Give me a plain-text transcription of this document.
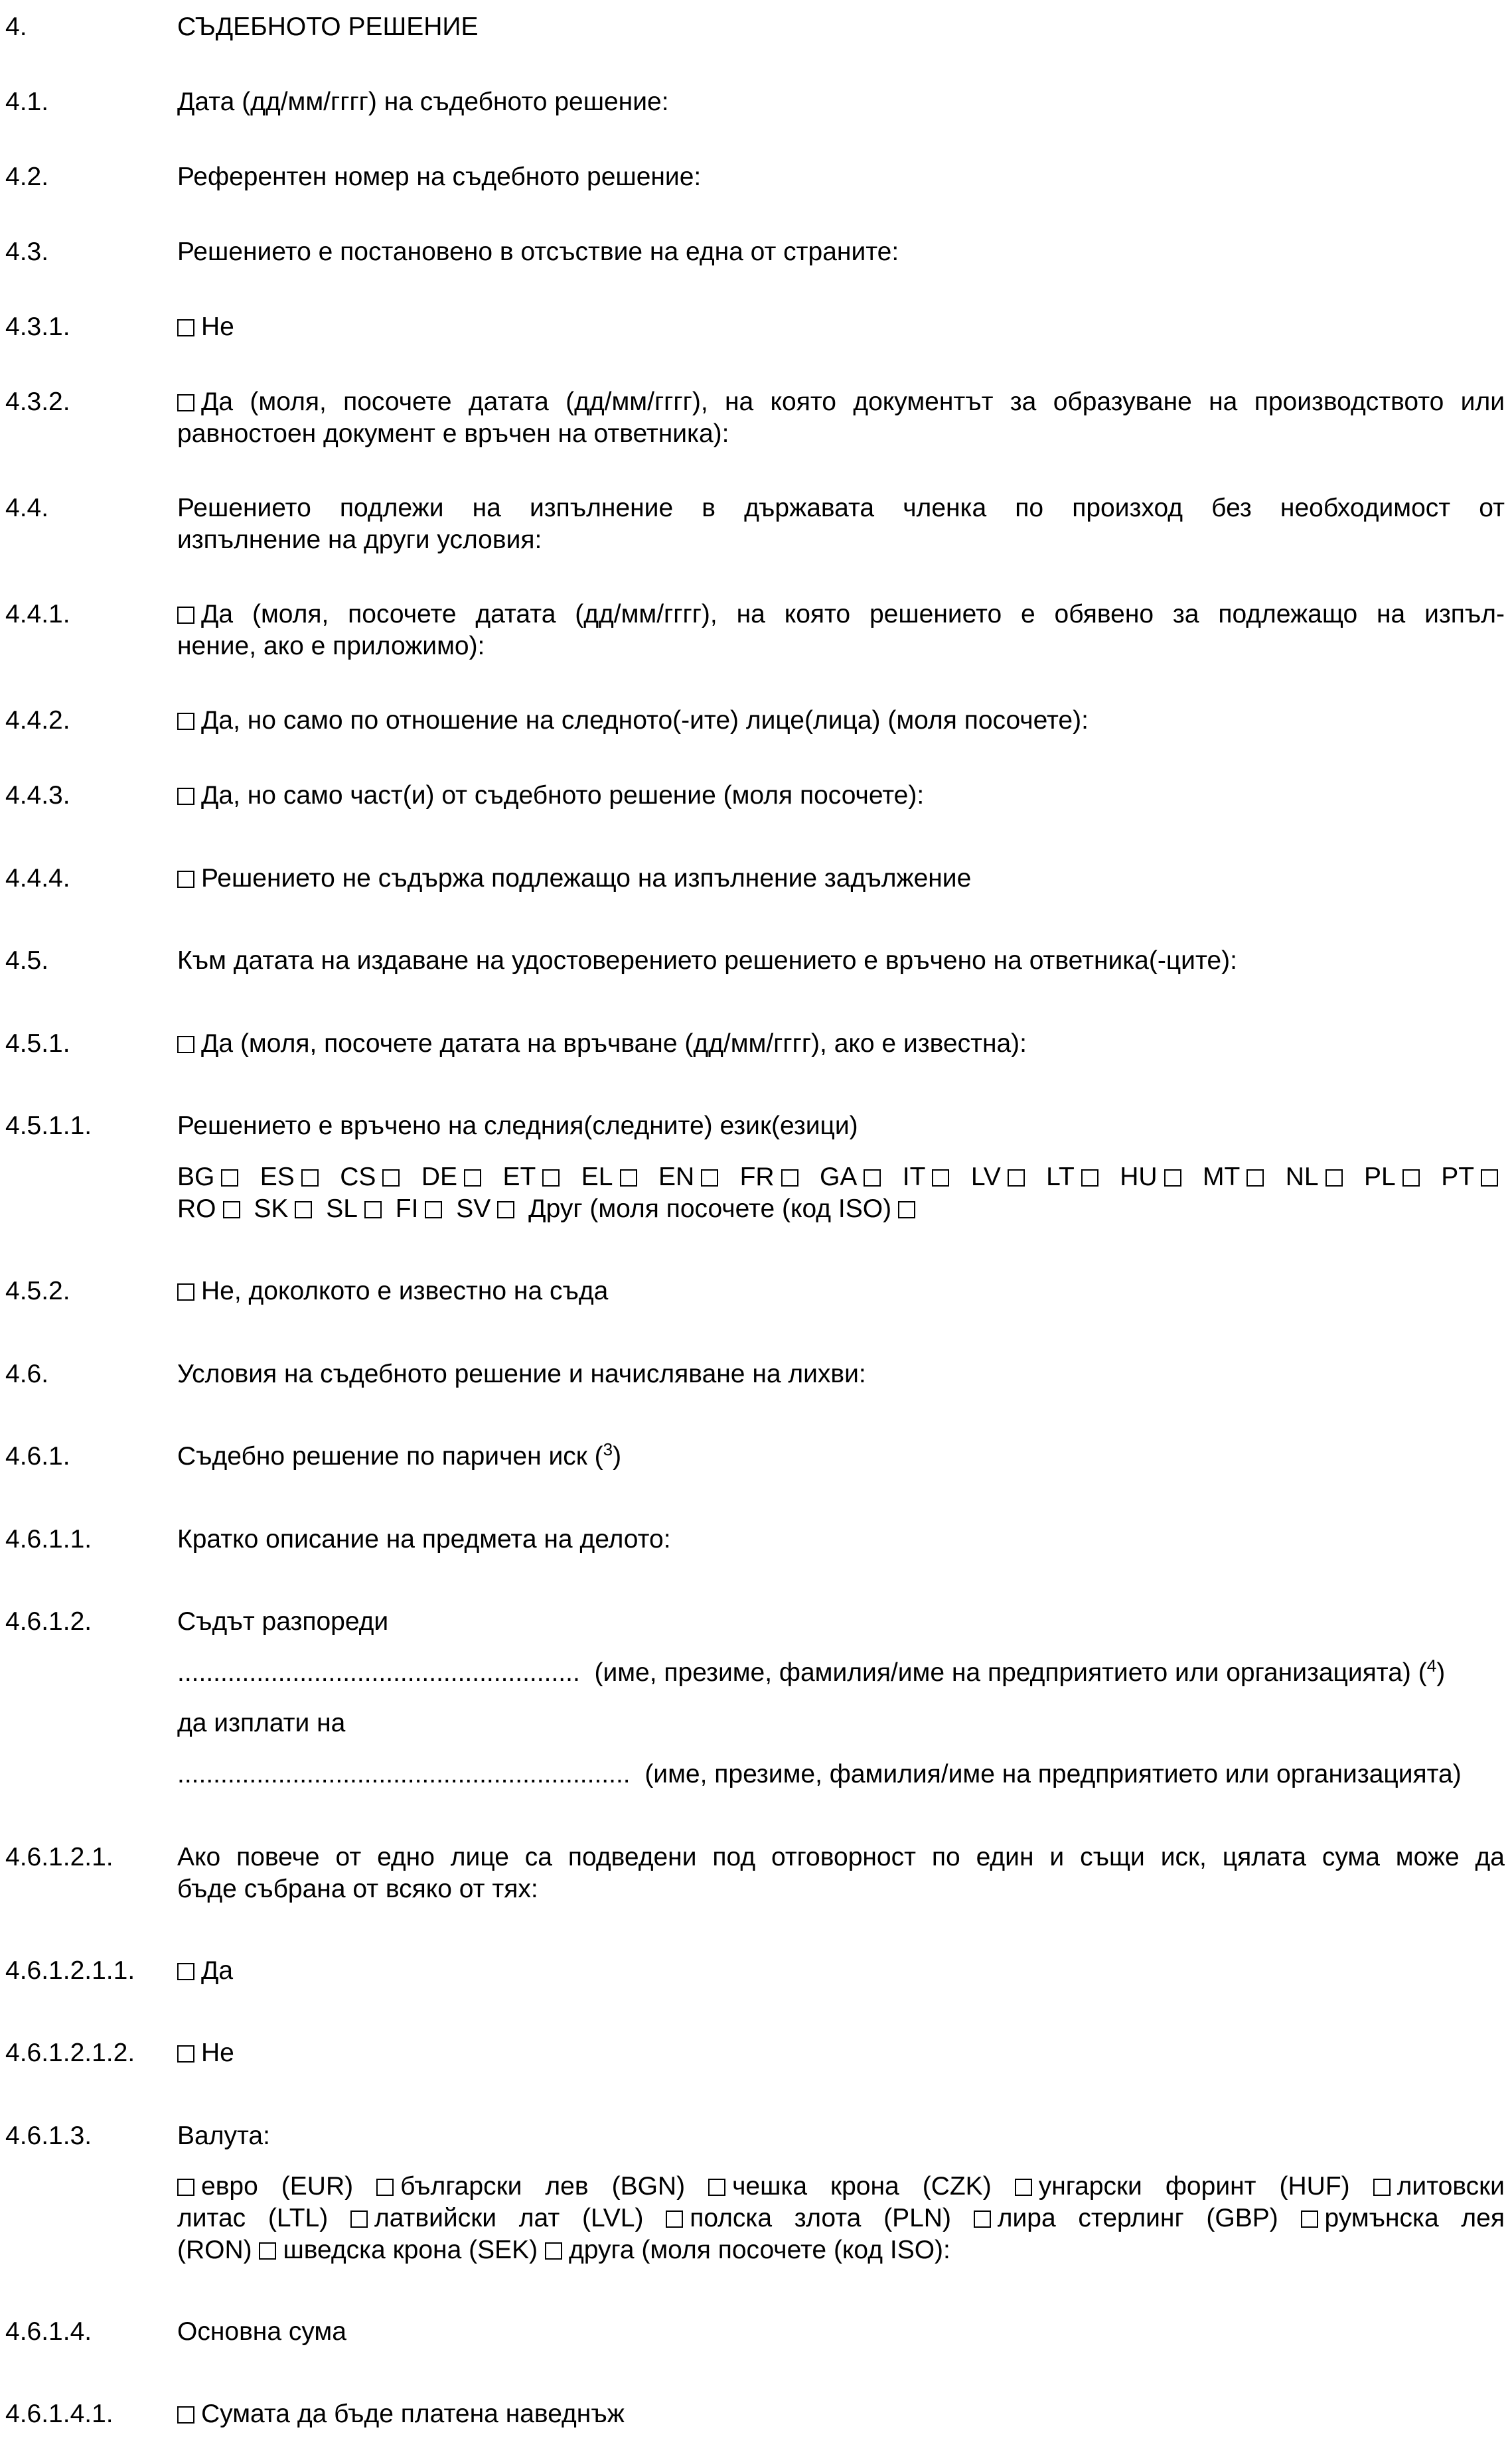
4.	СЪДЕБНОТО РЕШЕНИЕ
4.1.	Дата (дд/мм/гггг) на съдебното решение:
4.2.	Референтен номер на съдебното решение:
4.3.	Решението е постановено в отсъствие на една от страните:
4.3.1.	Не
4.3.2.	Да (моля, посочете датата (дд/мм/гггг), на която документът за образуване на производството или
равностоен документ е връчен на ответника):
4.4.	Решението подлежи на изпълнение в държавата членка по произход без необходимост от
изпълнение на други условия:
4.4.1.	Да (моля, посочете датата (дд/мм/гггг), на която решението е обявено за подлежащо на изпъл-
нение, ако е приложимо):
4.4.2.	Да, но само по отношение на следното(-ите) лице(лица) (моля посочете):
4.4.3.	Да, но само част(и) от съдебното решение (моля посочете):
4.4.4.	Решението не съдържа подлежащо на изпълнение задължение
4.5.	Към датата на издаване на удостоверението решението е връчено на ответника(-ците):
4.5.1.	Да (моля, посочете датата на връчване (дд/мм/гггг), ако е известна):
4.5.1.1.	Решението е връчено на следния(следните) език(езици)
BG ES CS DE ET EL EN FR GA IT LV LT HU MT NL PL PT
RO SK SL FI SV Друг (моля посочете (код ISO)
4.5.2.	Не, доколкото е известно на съда
4.6.	Условия на съдебното решение и начисляване на лихви:
4.6.1.	Съдебно решение по паричен иск ($^3$)
4.6.1.1.	Кратко описание на предмета на делото:
4.6.1.2.	Съдът разпореди
........................................................ (име, презиме, фамилия/име на предприятието или организацията) ($^4$)
да изплати на
............................................................... (име, презиме, фамилия/име на предприятието или организацията)
4.6.1.2.1. Ако повече от едно лице са подведени под отговорност по един и същи иск, цялата сума може да
бъде събрана от всяко от тях:
4.6.1.2.1.1.	Да
4.6.1.2.1.2.	Не
4.6.1.3.	Валута:
евро (EUR) български лев (BGN) чешка крона (CZK) унгарски форинт (HUF) литовски
литас (LTL) латвийски лат (LVL) полска злота (PLN) лира стерлинг (GBP) румънска лея
(RON) шведска крона (SEK) друга (моля посочете (код ISO):
4.6.1.4.	Основна сума
4.6.1.4.1.	Сумата да бъде платена наведнъж
